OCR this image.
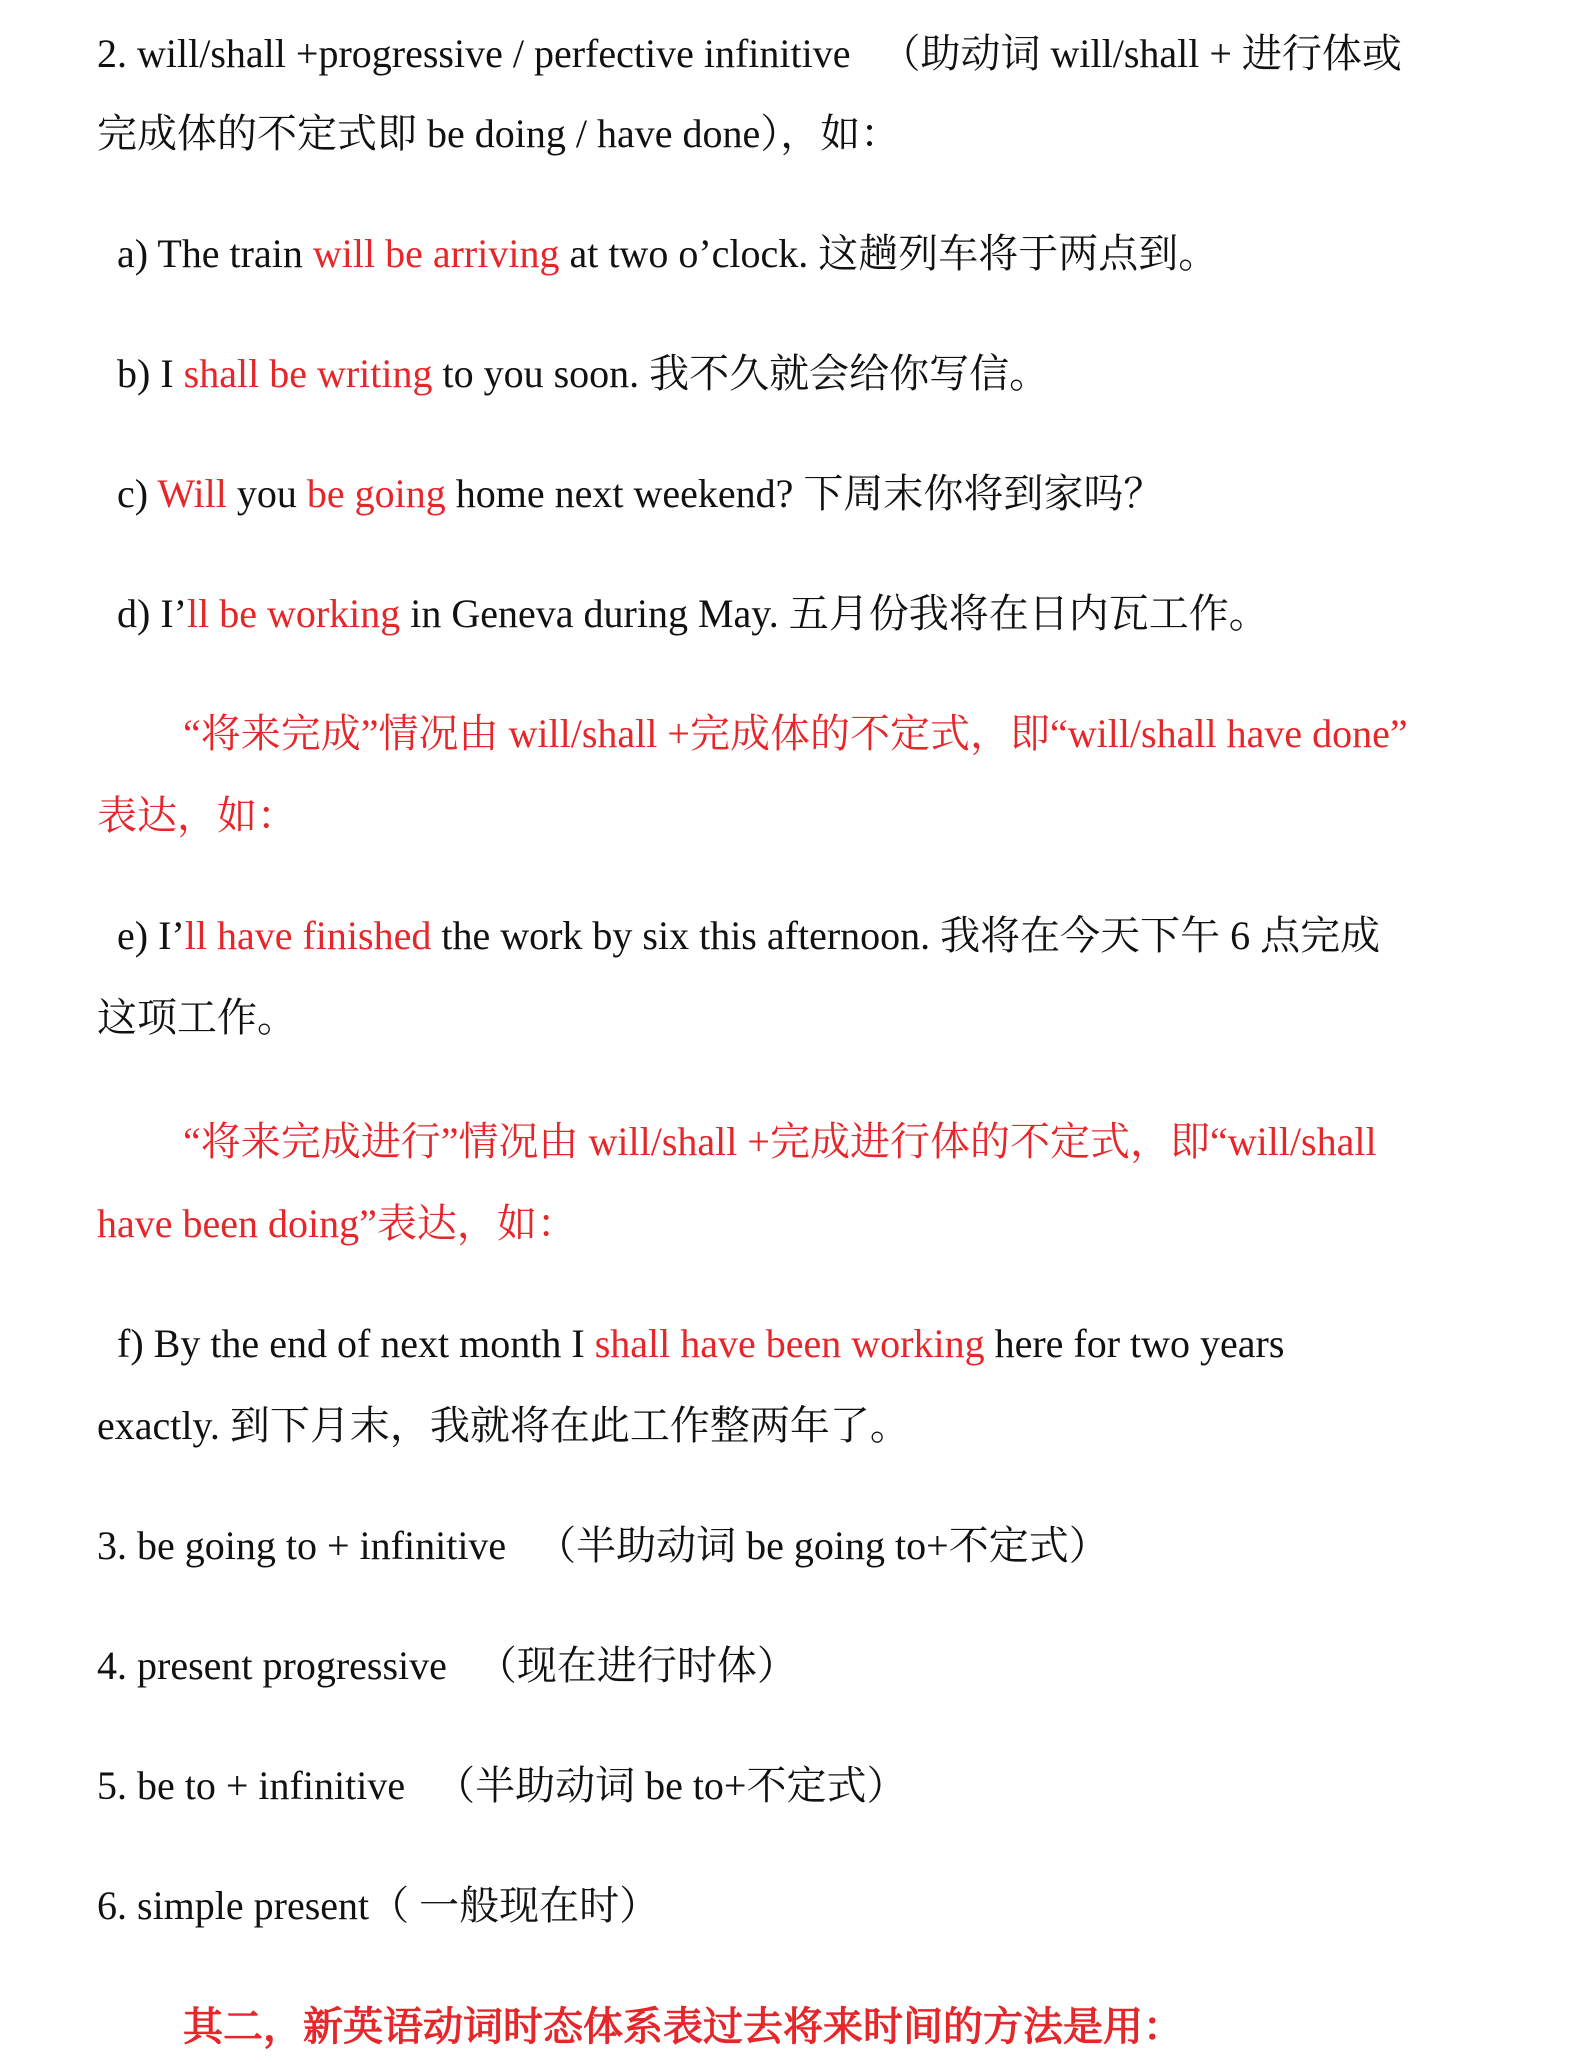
2. will/shall +progressive / perfective infinitive 　（助动词 will/shall + 进行体或
完成体的不定式即 be doing / have done），如：
a) The train will be arriving at two o’clock. 这趟列车将于两点到。
b) I shall be writing to you soon. 我不久就会给你写信。
c) Will you be going home next weekend? 下周末你将到家吗？
d) I’ll be working in Geneva during May. 五月份我将在日内瓦工作。
“将来完成”情况由 will/shall +完成体的不定式，即“will/shall have done”
表达，如：
e) I’ll have finished the work by six this afternoon. 我将在今天下午 6 点完成
这项工作。
“将来完成进行”情况由 will/shall +完成进行体的不定式，即“will/shall
have been doing”表达，如：
f) By the end of next month I shall have been working here for two years
exactly. 到下月末，我就将在此工作整两年了。
3. be going to + infinitive 　（半助动词 be going to+不定式）
4. present progressive 　（现在进行时体）
5. be to + infinitive 　（半助动词 be to+不定式）
6. simple present（ 一般现在时）
其二，新英语动词时态体系表过去将来时间的方法是用：
